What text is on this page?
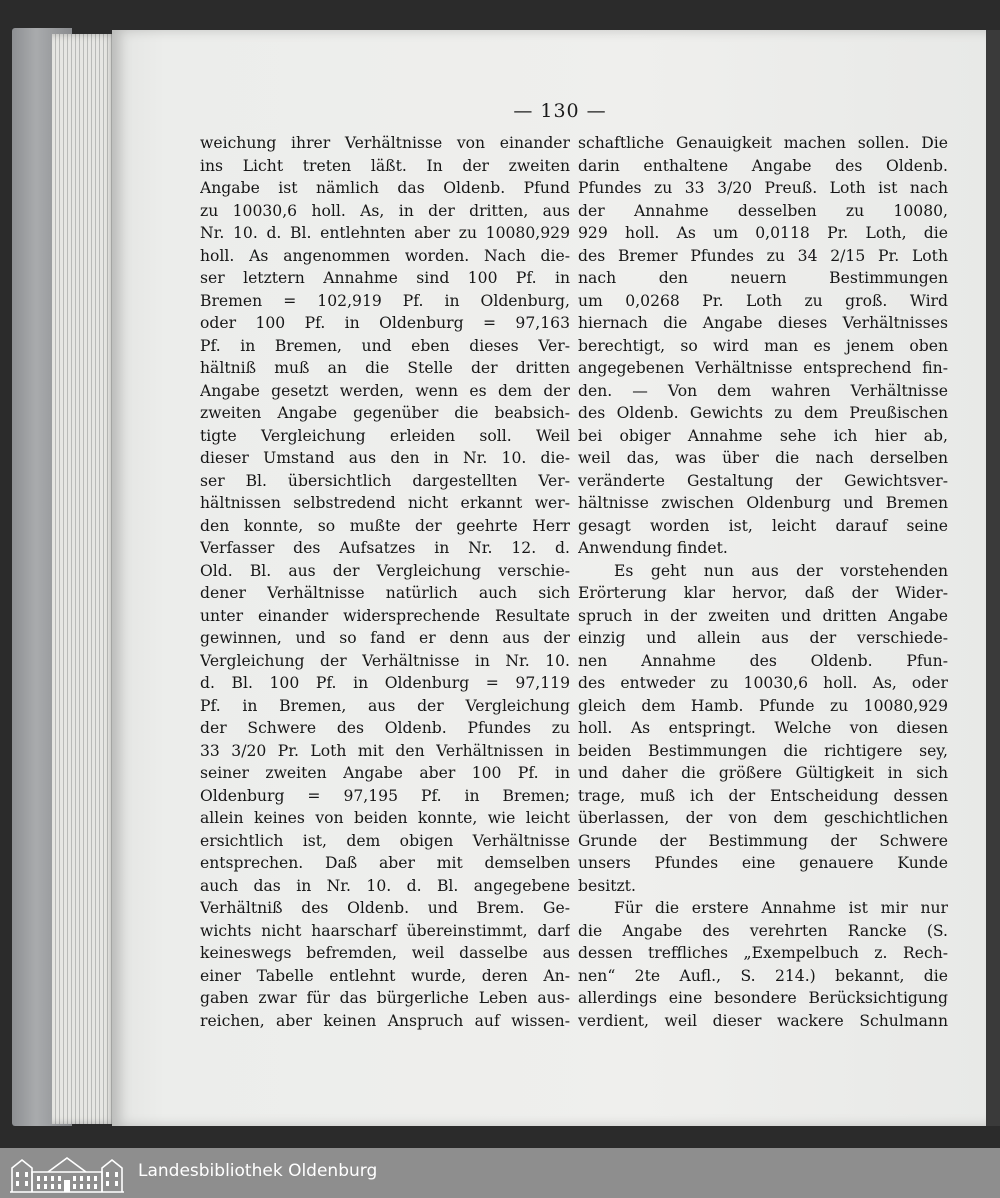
— 130 —
weichung ihrer Verhältnisse von einander
ins Licht treten läßt. In der zweiten
Angabe ist nämlich das Oldenb. Pfund
zu 10030,6 holl. As, in der dritten, aus
Nr. 10. d. Bl. entlehnten aber zu 10080,929
holl. As angenommen worden. Nach die-
ser letztern Annahme sind 100 Pf. in
Bremen = 102,919 Pf. in Oldenburg,
oder 100 Pf. in Oldenburg = 97,163
Pf. in Bremen, und eben dieses Ver-
hältniß muß an die Stelle der dritten
Angabe gesetzt werden, wenn es dem der
zweiten Angabe gegenüber die beabsich-
tigte Vergleichung erleiden soll. Weil
dieser Umstand aus den in Nr. 10. die-
ser Bl. übersichtlich dargestellten Ver-
hältnissen selbstredend nicht erkannt wer-
den konnte, so mußte der geehrte Herr
Verfasser des Aufsatzes in Nr. 12. d.
Old. Bl. aus der Vergleichung verschie-
dener Verhältnisse natürlich auch sich
unter einander widersprechende Resultate
gewinnen, und so fand er denn aus der
Vergleichung der Verhältnisse in Nr. 10.
d. Bl. 100 Pf. in Oldenburg = 97,119
Pf. in Bremen, aus der Vergleichung
der Schwere des Oldenb. Pfundes zu
33 3/20 Pr. Loth mit den Verhältnissen in
seiner zweiten Angabe aber 100 Pf. in
Oldenburg = 97,195 Pf. in Bremen;
allein keines von beiden konnte, wie leicht
ersichtlich ist, dem obigen Verhältnisse
entsprechen. Daß aber mit demselben
auch das in Nr. 10. d. Bl. angegebene
Verhältniß des Oldenb. und Brem. Ge-
wichts nicht haarscharf übereinstimmt, darf
keineswegs befremden, weil dasselbe aus
einer Tabelle entlehnt wurde, deren An-
gaben zwar für das bürgerliche Leben aus-
reichen, aber keinen Anspruch auf wissen-
schaftliche Genauigkeit machen sollen. Die
darin enthaltene Angabe des Oldenb.
Pfundes zu 33 3/20 Preuß. Loth ist nach
der Annahme desselben zu 10080,
929 holl. As um 0,0118 Pr. Loth, die
des Bremer Pfundes zu 34 2/15 Pr. Loth
nach den neuern Bestimmungen
um 0,0268 Pr. Loth zu groß. Wird
hiernach die Angabe dieses Verhältnisses
berechtigt, so wird man es jenem oben
angegebenen Verhältnisse entsprechend fin-
den. — Von dem wahren Verhältnisse
des Oldenb. Gewichts zu dem Preußischen
bei obiger Annahme sehe ich hier ab,
weil das, was über die nach derselben
veränderte Gestaltung der Gewichtsver-
hältnisse zwischen Oldenburg und Bremen
gesagt worden ist, leicht darauf seine
Anwendung findet.
Es geht nun aus der vorstehenden
Erörterung klar hervor, daß der Wider-
spruch in der zweiten und dritten Angabe
einzig und allein aus der verschiede-
nen Annahme des Oldenb. Pfun-
des entweder zu 10030,6 holl. As, oder
gleich dem Hamb. Pfunde zu 10080,929
holl. As entspringt. Welche von diesen
beiden Bestimmungen die richtigere sey,
und daher die größere Gültigkeit in sich
trage, muß ich der Entscheidung dessen
überlassen, der von dem geschichtlichen
Grunde der Bestimmung der Schwere
unsers Pfundes eine genauere Kunde
besitzt.
Für die erstere Annahme ist mir nur
die Angabe des verehrten Rancke (S.
dessen treffliches „Exempelbuch z. Rech-
nen“ 2te Aufl., S. 214.) bekannt, die
allerdings eine besondere Berücksichtigung
verdient, weil dieser wackere Schulmann
Landesbibliothek Oldenburg
